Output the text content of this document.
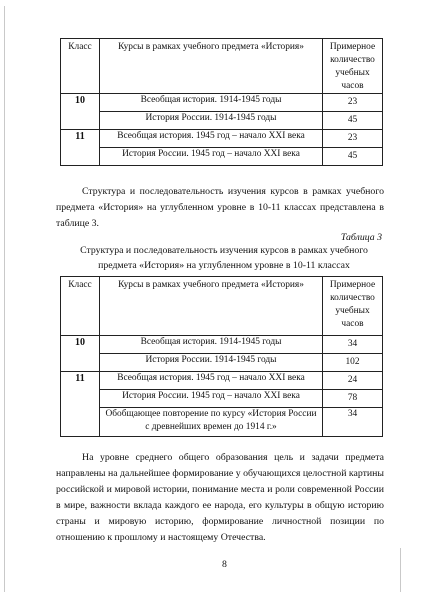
Класс	Курсы в рамках учебного предмета «История»	Примерное количество учебных часов
10	Всеобщая история. 1914-1945 годы	23
	История России. 1914-1945 годы	45
11	Всеобщая история. 1945 год – начало XXI века	23
	История России. 1945 год – начало XXI века	45

Структура и последовательность изучения курсов в рамках учебного предмета «История» на углубленном уровне в 10-11 классах представлена в таблице 3.

Таблица 3
Структура и последовательность изучения курсов в рамках учебного предмета «История» на углубленном уровне в 10-11 классах
Класс	Курсы в рамках учебного предмета «История»	Примерное количество учебных часов
10	Всеобщая история. 1914-1945 годы	34
	История России. 1914-1945 годы	102
11	Всеобщая история. 1945 год – начало XXI века	24
	История России. 1945 год – начало XXI века	78
	Обобщающее повторение по курсу «История России с древнейших времен до 1914 г.»	34

На уровне среднего общего образования цель и задачи предмета направлены на дальнейшее формирование у обучающихся целостной картины российской и мировой истории, понимание места и роли современной России в мире, важности вклада каждого ее народа, его культуры в общую историю страны и мировую историю, формирование личностной позиции по отношению к прошлому и настоящему Отечества.

8
